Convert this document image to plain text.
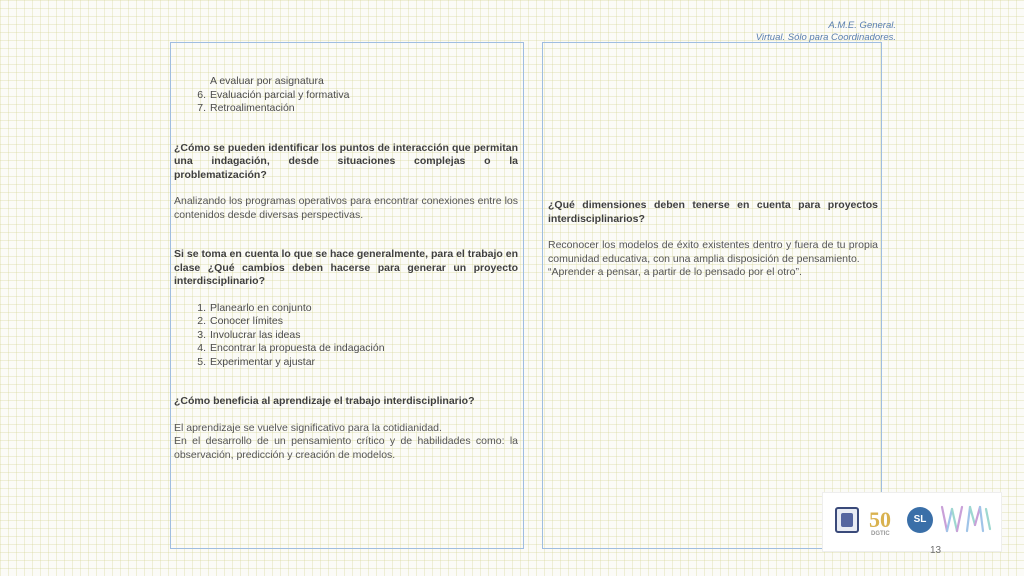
A.M.E. General.
Virtual. Sólo para Coordinadores.
A evaluar por asignatura
6. Evaluación parcial y formativa
7. Retroalimentación

¿Cómo se pueden identificar los puntos de interacción que permitan una indagación, desde situaciones complejas o la problematización?

Analizando los programas operativos para encontrar conexiones entre los contenidos desde diversas perspectivas.

Si se toma en cuenta lo que se hace generalmente, para el trabajo en clase ¿Qué cambios deben hacerse para generar un proyecto interdisciplinario?

1. Planearlo en conjunto
2. Conocer límites
3. Involucrar las ideas
4. Encontrar la propuesta de indagación
5. Experimentar y ajustar

¿Cómo beneficia al aprendizaje el trabajo interdisciplinario?

El aprendizaje se vuelve significativo para la cotidianidad.

En el desarrollo de un pensamiento crítico y de habilidades como: la observación, predicción y creación de modelos.

¿Qué dimensiones deben tenerse en cuenta para proyectos interdisciplinarios?

Reconocer los modelos de éxito existentes dentro y fuera de tu propia comunidad educativa, con una amplia disposición de pensamiento.

“Aprender a pensar, a partir de lo pensado por el otro”.

50
DGTIC
SL
13
